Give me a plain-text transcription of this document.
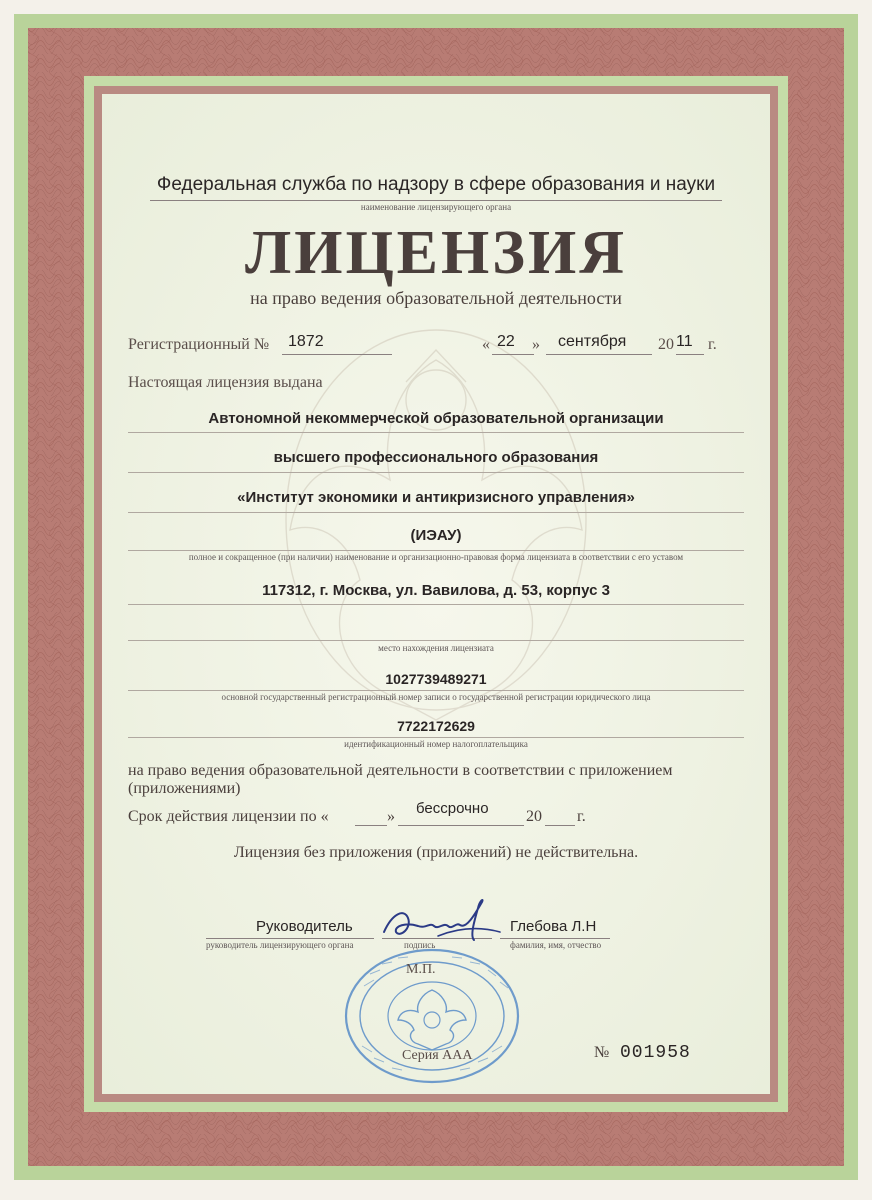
Федеральная служба по надзору в сфере образования и науки
наименование лицензирующего органа
ЛИЦЕНЗИЯ
на право ведения образовательной деятельности
Регистрационный № 1872	« 22 » сентября 20 11 г.
Настоящая лицензия выдана
Автономной некоммерческой образовательной организации
высшего профессионального образования
«Институт экономики и антикризисного управления»
(ИЭАУ)
полное и сокращенное (при наличии) наименование и организационно-правовая форма лицензиата в соответствии с его уставом
117312, г. Москва, ул. Вавилова, д. 53, корпус 3
место нахождения лицензиата
1027739489271
основной государственный регистрационный номер записи о государственной регистрации юридического лица
7722172629
идентификационный номер налогоплательщика
на право ведения образовательной деятельности в соответствии с приложением
(приложениями)
Срок действия лицензии по «	» бессрочно 20 г.
Лицензия без приложения (приложений) не действительна.
Руководитель
руководитель лицензирующего органа	подпись
Глебова Л.Н
фамилия, имя, отчество
М.П.
Серия ААА	№ 001958
